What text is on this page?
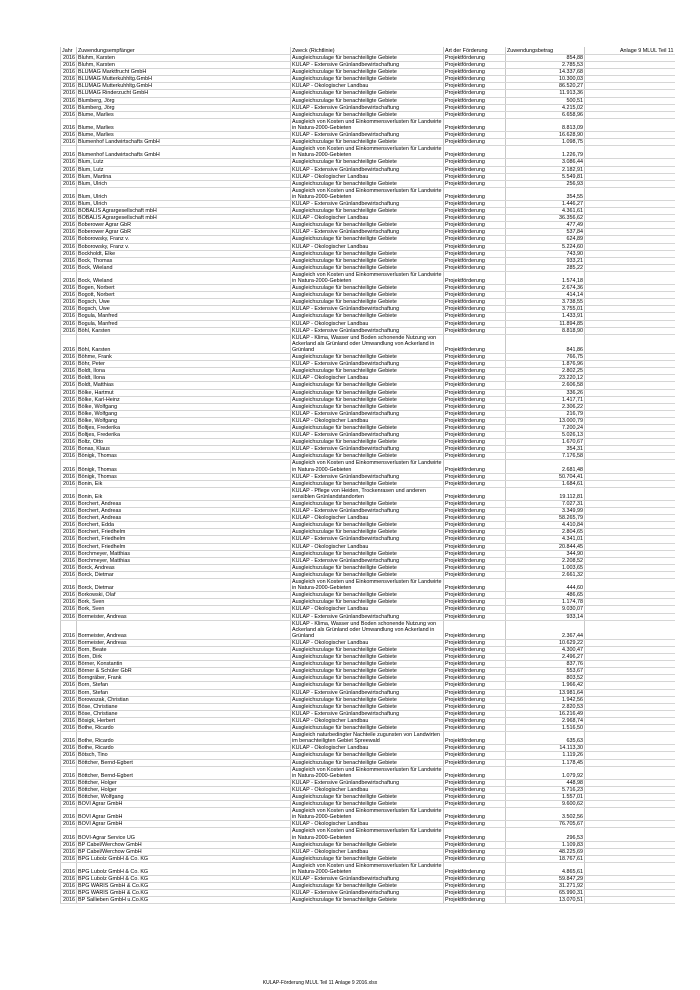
Jahr	Zuwendungsempfänger	Zweck (Richtlinie)	Art der Förderung	Zuwendungsbetrag	Anlage 9 MLUL Teil 11
2016	Bluhm, Karsten	Ausgleichszulage für benachteiligte Gebiete	Projektförderung	854,88	
2016	Bluhm, Karsten	KULAP - Extensive Grünlandbewirtschaftung	Projektförderung	2.785,53	
2016	BLUMAG Marktfrucht GmbH	Ausgleichszulage für benachteiligte Gebiete	Projektförderung	14.337,68	
2016	BLUMAG Mutterkuhhltg.GmbH	Ausgleichszulage für benachteiligte Gebiete	Projektförderung	10.300,03	
2016	BLUMAG Mutterkuhhltg.GmbH	KULAP - Ökologischer Landbau	Projektförderung	86.520,27	
2016	BLUMAG Rinderzucht GmbH	Ausgleichszulage für benachteiligte Gebiete	Projektförderung	11.913,36	
2016	Blumberg, Jörg	Ausgleichszulage für benachteiligte Gebiete	Projektförderung	500,51	
2016	Blumberg, Jörg	KULAP - Extensive Grünlandbewirtschaftung	Projektförderung	4.215,02	
2016	Blume, Marlies	Ausgleichszulage für benachteiligte Gebiete	Projektförderung	6.658,96	
2016	Blume, Marlies	Ausgleich von Kosten und Einkommensverlusten für Landwirte in Natura-2000-Gebieten	Projektförderung	8.813,09	
2016	Blume, Marlies	KULAP - Extensive Grünlandbewirtschaftung	Projektförderung	16.628,90	
2016	Blumenhof Landwirtschafts GmbH	Ausgleichszulage für benachteiligte Gebiete	Projektförderung	1.098,75	
2016	Blumenhof Landwirtschafts GmbH	Ausgleich von Kosten und Einkommensverlusten für Landwirte in Natura-2000-Gebieten	Projektförderung	1.226,79	
2016	Blum, Lutz	Ausgleichszulage für benachteiligte Gebiete	Projektförderung	3.086,44	
2016	Blum, Lutz	KULAP - Extensive Grünlandbewirtschaftung	Projektförderung	2.182,91	
2016	Blum, Martina	KULAP - Ökologischer Landbau	Projektförderung	5.549,81	
2016	Blum, Ulrich	Ausgleichszulage für benachteiligte Gebiete	Projektförderung	256,93	
2016	Blum, Ulrich	Ausgleich von Kosten und Einkommensverlusten für Landwirte in Natura-2000-Gebieten	Projektförderung	354,55	
2016	Blum, Ulrich	KULAP - Extensive Grünlandbewirtschaftung	Projektförderung	1.446,27	
2016	BOBALIS Agrargesellschaft mbH	Ausgleichszulage für benachteiligte Gebiete	Projektförderung	4.361,61	
2016	BOBALIS Agrargesellschaft mbH	KULAP - Ökologischer Landbau	Projektförderung	36.356,62	
2016	Boberower Agrar GbR	Ausgleichszulage für benachteiligte Gebiete	Projektförderung	477,49	
2016	Boberower Agrar GbR	KULAP - Extensive Grünlandbewirtschaftung	Projektförderung	537,84	
2016	Boborowsky, Franz v.	Ausgleichszulage für benachteiligte Gebiete	Projektförderung	624,89	
2016	Boborowsky, Franz v.	KULAP - Ökologischer Landbau	Projektförderung	5.224,60	
2016	Bockholdt, Elke	Ausgleichszulage für benachteiligte Gebiete	Projektförderung	743,90	
2016	Bock, Thomas	Ausgleichszulage für benachteiligte Gebiete	Projektförderung	933,21	
2016	Bock, Wieland	Ausgleichszulage für benachteiligte Gebiete	Projektförderung	285,22	
2016	Bock, Wieland	Ausgleich von Kosten und Einkommensverlusten für Landwirte in Natura-2000-Gebieten	Projektförderung	1.574,18	
2016	Bogen, Norbert	Ausgleichszulage für benachteiligte Gebiete	Projektförderung	2.674,36	
2016	Bogott, Norbert	Ausgleichszulage für benachteiligte Gebiete	Projektförderung	414,14	
2016	Bogsch, Uwe	Ausgleichszulage für benachteiligte Gebiete	Projektförderung	3.738,55	
2016	Bogsch, Uwe	KULAP - Extensive Grünlandbewirtschaftung	Projektförderung	3.755,01	
2016	Bogula, Manfred	Ausgleichszulage für benachteiligte Gebiete	Projektförderung	1.433,91	
2016	Bogula, Manfred	KULAP - Ökologischer Landbau	Projektförderung	11.894,85	
2016	Böhl, Karsten	KULAP - Extensive Grünlandbewirtschaftung	Projektförderung	8.818,90	
2016	Böhl, Karsten	KULAP - Klima, Wasser und Boden schonende Nutzung von Ackerland als Grünland oder Umwandlung von Ackerland in Grünland	Projektförderung	841,86	
2016	Böhme, Frank	Ausgleichszulage für benachteiligte Gebiete	Projektförderung	766,75	
2016	Böhr, Peter	KULAP - Extensive Grünlandbewirtschaftung	Projektförderung	1.876,96	
2016	Boldt, Ilona	Ausgleichszulage für benachteiligte Gebiete	Projektförderung	2.802,25	
2016	Boldt, Ilona	KULAP - Ökologischer Landbau	Projektförderung	23.220,12	
2016	Boldt, Matthias	Ausgleichszulage für benachteiligte Gebiete	Projektförderung	2.606,58	
2016	Bölke, Hartmut	Ausgleichszulage für benachteiligte Gebiete	Projektförderung	336,26	
2016	Bölke, Karl-Heinz	Ausgleichszulage für benachteiligte Gebiete	Projektförderung	1.417,71	
2016	Bölke, Wolfgang	Ausgleichszulage für benachteiligte Gebiete	Projektförderung	2.306,22	
2016	Bölke, Wolfgang	KULAP - Extensive Grünlandbewirtschaftung	Projektförderung	216,79	
2016	Bölke, Wolfgang	KULAP - Ökologischer Landbau	Projektförderung	13.000,79	
2016	Boltjes, Frederika	Ausgleichszulage für benachteiligte Gebiete	Projektförderung	7.200,24	
2016	Boltjes, Frederika	KULAP - Extensive Grünlandbewirtschaftung	Projektförderung	5.026,13	
2016	Boltz, Otto	Ausgleichszulage für benachteiligte Gebiete	Projektförderung	1.670,67	
2016	Bonas, Klaus	KULAP - Extensive Grünlandbewirtschaftung	Projektförderung	354,31	
2016	Bönigk, Thomas	Ausgleichszulage für benachteiligte Gebiete	Projektförderung	7.176,58	
2016	Bönigk, Thomas	Ausgleich von Kosten und Einkommensverlusten für Landwirte in Natura-2000-Gebieten	Projektförderung	2.681,48	
2016	Bönigk, Thomas	KULAP - Extensive Grünlandbewirtschaftung	Projektförderung	50.704,41	
2016	Bonin, Eik	Ausgleichszulage für benachteiligte Gebiete	Projektförderung	1.684,61	
2016	Bonin, Eik	KULAP - Pflege von Heiden, Trockenrasen und anderen sensiblen Grünlandstandorten	Projektförderung	19.112,81	
2016	Borchert, Andreas	Ausgleichszulage für benachteiligte Gebiete	Projektförderung	7.027,31	
2016	Borchert, Andreas	KULAP - Extensive Grünlandbewirtschaftung	Projektförderung	3.349,99	
2016	Borchert, Andreas	KULAP - Ökologischer Landbau	Projektförderung	58.265,79	
2016	Borchert, Edda	Ausgleichszulage für benachteiligte Gebiete	Projektförderung	4.410,84	
2016	Borchert, Friedhelm	Ausgleichszulage für benachteiligte Gebiete	Projektförderung	2.804,65	
2016	Borchert, Friedhelm	KULAP - Extensive Grünlandbewirtschaftung	Projektförderung	4.341,01	
2016	Borchert, Friedhelm	KULAP - Ökologischer Landbau	Projektförderung	20.844,45	
2016	Borchmeyer, Matthias	Ausgleichszulage für benachteiligte Gebiete	Projektförderung	344,90	
2016	Borchmeyer, Matthias	KULAP - Extensive Grünlandbewirtschaftung	Projektförderung	2.208,52	
2016	Borck, Andreas	Ausgleichszulage für benachteiligte Gebiete	Projektförderung	1.003,65	
2016	Borck, Dietmar	Ausgleichszulage für benachteiligte Gebiete	Projektförderung	2.661,32	
2016	Borck, Dietmar	Ausgleich von Kosten und Einkommensverlusten für Landwirte in Natura-2000-Gebieten	Projektförderung	444,60	
2016	Borkowski, Olaf	Ausgleichszulage für benachteiligte Gebiete	Projektförderung	486,65	
2016	Bork, Sven	Ausgleichszulage für benachteiligte Gebiete	Projektförderung	1.174,78	
2016	Bork, Sven	KULAP - Ökologischer Landbau	Projektförderung	9.030,07	
2016	Bormeister, Andreas	KULAP - Extensive Grünlandbewirtschaftung	Projektförderung	933,14	
2016	Bormeister, Andreas	KULAP - Klima, Wasser und Boden schonende Nutzung von Ackerland als Grünland oder Umwandlung von Ackerland in Grünland	Projektförderung	2.367,44	
2016	Bormeister, Andreas	KULAP - Ökologischer Landbau	Projektförderung	10.629,22	
2016	Born, Beate	Ausgleichszulage für benachteiligte Gebiete	Projektförderung	4.300,47	
2016	Born, Dirk	Ausgleichszulage für benachteiligte Gebiete	Projektförderung	2.496,27	
2016	Börner, Konstantin	Ausgleichszulage für benachteiligte Gebiete	Projektförderung	837,76	
2016	Börner & Schüler GbR	Ausgleichszulage für benachteiligte Gebiete	Projektförderung	553,67	
2016	Borngräber, Frank	Ausgleichszulage für benachteiligte Gebiete	Projektförderung	803,52	
2016	Born, Stefan	Ausgleichszulage für benachteiligte Gebiete	Projektförderung	1.966,42	
2016	Born, Stefan	KULAP - Extensive Grünlandbewirtschaftung	Projektförderung	13.981,64	
2016	Borowszak, Christian	Ausgleichszulage für benachteiligte Gebiete	Projektförderung	1.942,56	
2016	Böse, Christiane	Ausgleichszulage für benachteiligte Gebiete	Projektförderung	2.820,53	
2016	Böse, Christiane	KULAP - Extensive Grünlandbewirtschaftung	Projektförderung	16.216,49	
2016	Bösigk, Herbert	KULAP - Ökologischer Landbau	Projektförderung	2.968,74	
2016	Bothe, Ricardo	Ausgleichszulage für benachteiligte Gebiete	Projektförderung	1.516,50	
2016	Bothe, Ricardo	Ausgleich naturbedingter Nachteile zugunsten von Landwirten im benachteiligten Gebiet Spreewald	Projektförderung	635,63	
2016	Bothe, Ricardo	KULAP - Ökologischer Landbau	Projektförderung	14.113,30	
2016	Bötsch, Tino	Ausgleichszulage für benachteiligte Gebiete	Projektförderung	1.119,26	
2016	Böttcher, Bernd-Egbert	Ausgleichszulage für benachteiligte Gebiete	Projektförderung	1.178,45	
2016	Böttcher, Bernd-Egbert	Ausgleich von Kosten und Einkommensverlusten für Landwirte in Natura-2000-Gebieten	Projektförderung	1.079,92	
2016	Böttcher, Holger	KULAP - Extensive Grünlandbewirtschaftung	Projektförderung	448,98	
2016	Böttcher, Holger	KULAP - Ökologischer Landbau	Projektförderung	5.716,23	
2016	Böttcher, Wolfgang	Ausgleichszulage für benachteiligte Gebiete	Projektförderung	1.557,01	
2016	BOVI Agrar GmbH	Ausgleichszulage für benachteiligte Gebiete	Projektförderung	9.600,62	
2016	BOVI Agrar GmbH	Ausgleich von Kosten und Einkommensverlusten für Landwirte in Natura-2000-Gebieten	Projektförderung	3.502,56	
2016	BOVI Agrar GmbH	KULAP - Ökologischer Landbau	Projektförderung	76.705,67	
2016	BOVI-Agrar Service UG	Ausgleich von Kosten und Einkommensverlusten für Landwirte in Natura-2000-Gebieten	Projektförderung	296,53	
2016	BP Cabel/Werchow GmbH	Ausgleichszulage für benachteiligte Gebiete	Projektförderung	1.109,83	
2016	BP Cabel/Werchow GmbH	KULAP - Ökologischer Landbau	Projektförderung	48.225,69	
2016	BPG Lubolz GmbH & Co. KG	Ausgleichszulage für benachteiligte Gebiete	Projektförderung	18.767,61	
2016	BPG Lubolz GmbH & Co. KG	Ausgleich von Kosten und Einkommensverlusten für Landwirte in Natura-2000-Gebieten	Projektförderung	4.865,61	
2016	BPG Lubolz GmbH & Co. KG	KULAP - Extensive Grünlandbewirtschaftung	Projektförderung	59.847,29	
2016	BPG WARIS GmbH & Co.KG	Ausgleichszulage für benachteiligte Gebiete	Projektförderung	31.271,92	
2016	BPG WARIS GmbH & Co.KG	KULAP - Extensive Grünlandbewirtschaftung	Projektförderung	65.990,31	
2016	BP Sallieben GmbH u.Co.KG	Ausgleichszulage für benachteiligte Gebiete	Projektförderung	13.070,51	
KULAP-Förderung MLUL Teil 11 Anlage 9 2016.xlsx
